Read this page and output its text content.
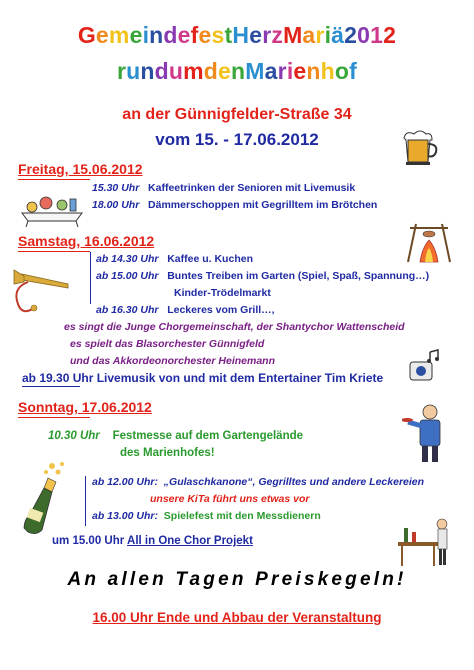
GemeindefestHerzMariä2012
rundumdenMarienhof
an der Günnigfelder-Straße 34
vom 15. - 17.06.2012
Freitag, 15.06.2012
15.30 Uhr Kaffeetrinken der Senioren mit Livemusik
18.00 Uhr Dämmerschoppen mit Gegrilltem im Brötchen
Samstag, 16.06.2012
ab 14.30 Uhr Kaffee u. Kuchen
ab 15.00 Uhr Buntes Treiben im Garten (Spiel, Spaß, Spannung…)
Kinder-Trödelmarkt
ab 16.30 Uhr Leckeres vom Grill…,
es singt die Junge Chorgemeinschaft, der Shantychor Wattenscheid
es spielt das Blasorchester Günnigfeld
und das Akkordeonorchester Heinemann
ab 19.30 Uhr Livemusik von und mit dem Entertainer Tim Kriete
Sonntag, 17.06.2012
10.30 Uhr Festmesse auf dem Gartengelände
des Marienhofes!
ab 12.00 Uhr: „Gulaschkanone“, Gegrilltes und andere Leckereien
unsere KiTa führt uns etwas vor
ab 13.00 Uhr: Spielefest mit den Messdienern
um 15.00 Uhr All in One Chor Projekt
An allen Tagen Preiskegeln!
16.00 Uhr Ende und Abbau der Veranstaltung
